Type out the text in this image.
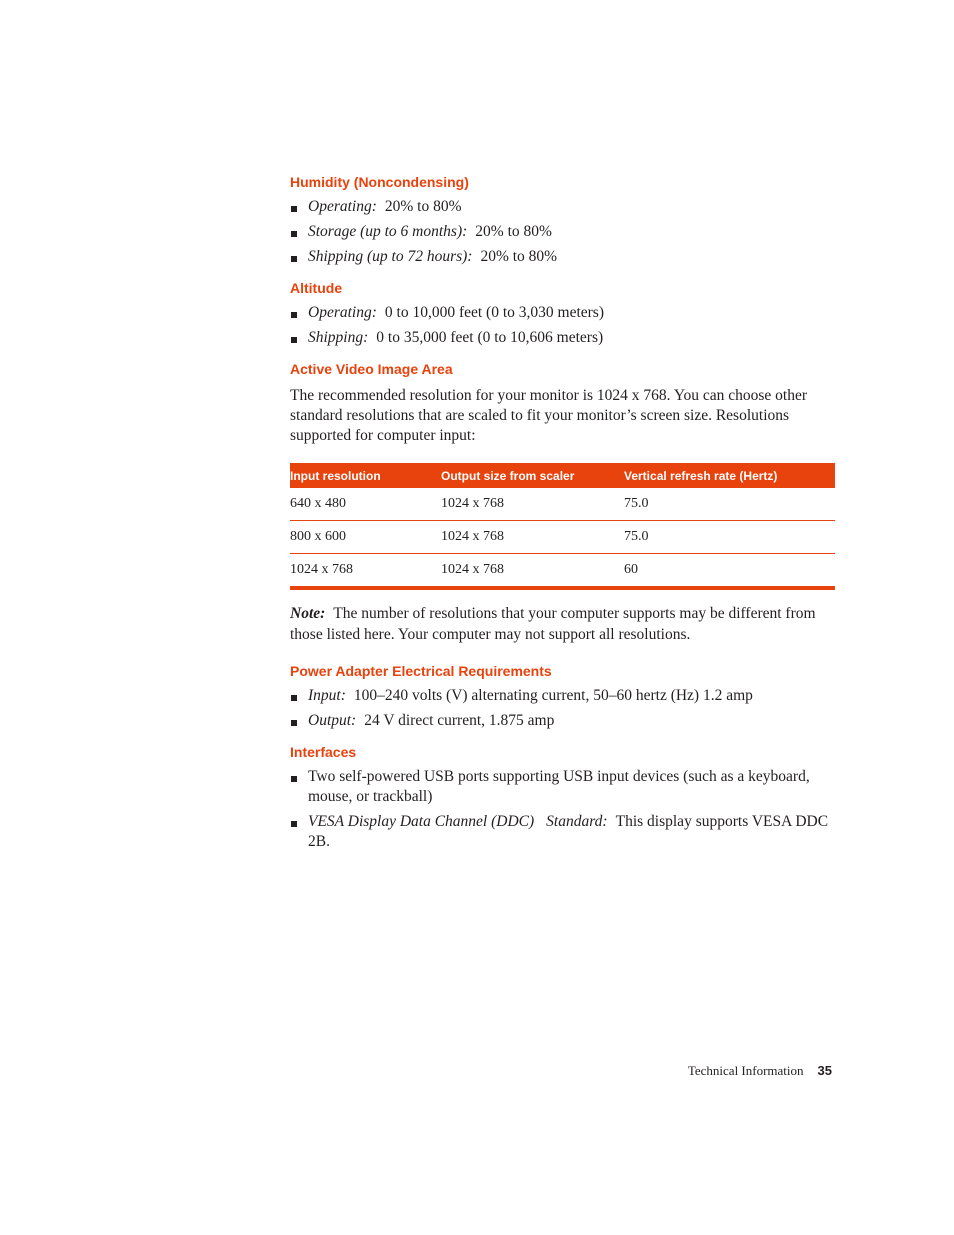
Humidity (Noncondensing)
Operating: 20% to 80%
Storage (up to 6 months): 20% to 80%
Shipping (up to 72 hours): 20% to 80%
Altitude
Operating: 0 to 10,000 feet (0 to 3,030 meters)
Shipping: 0 to 35,000 feet (0 to 10,606 meters)
Active Video Image Area

The recommended resolution for your monitor is 1024 x 768. You can choose other standard resolutions that are scaled to fit your monitor’s screen size. Resolutions supported for computer input:

Input resolution	Output size from scaler	Vertical refresh rate (Hertz)
640 x 480	1024 x 768	75.0
800 x 600	1024 x 768	75.0
1024 x 768	1024 x 768	60

Note: The number of resolutions that your computer supports may be different from those listed here. Your computer may not support all resolutions.

Power Adapter Electrical Requirements
Input: 100–240 volts (V) alternating current, 50–60 hertz (Hz) 1.2 amp
Output: 24 V direct current, 1.875 amp
Interfaces
Two self-powered USB ports supporting USB input devices (such as a keyboard, mouse, or trackball)
VESA Display Data Channel (DDC) Standard: This display supports VESA DDC 2B.
Technical Information 35
